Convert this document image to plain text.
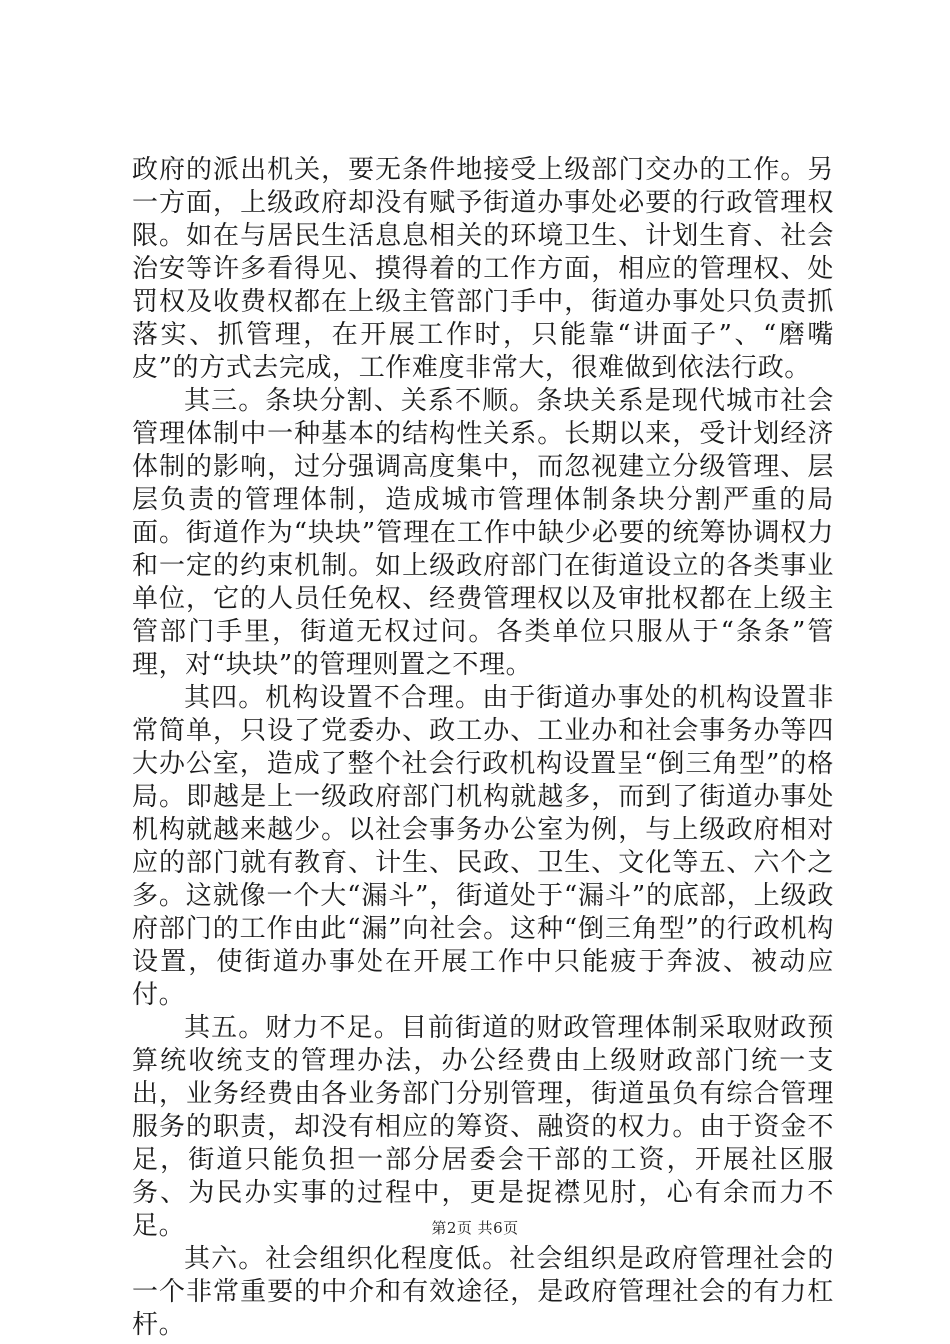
政府的派出机关，要无条件地接受上级部门交办的工作。另一方面，上级政府却没有赋予街道办事处必要的行政管理权限。如在与居民生活息息相关的环境卫生、计划生育、社会治安等许多看得见、摸得着的工作方面，相应的管理权、处罚权及收费权都在上级主管部门手中，街道办事处只负责抓落实、抓管理，在开展工作时，只能靠“讲面子”、“磨嘴皮”的方式去完成，工作难度非常大，很难做到依法行政。

其三。条块分割、关系不顺。条块关系是现代城市社会管理体制中一种基本的结构性关系。长期以来，受计划经济体制的影响，过分强调高度集中，而忽视建立分级管理、层层负责的管理体制，造成城市管理体制条块分割严重的局面。街道作为“块块”管理在工作中缺少必要的统筹协调权力和一定的约束机制。如上级政府部门在街道设立的各类事业单位，它的人员任免权、经费管理权以及审批权都在上级主管部门手里，街道无权过问。各类单位只服从于“条条”管理，对“块块”的管理则置之不理。

其四。机构设置不合理。由于街道办事处的机构设置非常简单，只设了党委办、政工办、工业办和社会事务办等四大办公室，造成了整个社会行政机构设置呈“倒三角型”的格局。即越是上一级政府部门机构就越多，而到了街道办事处机构就越来越少。以社会事务办公室为例，与上级政府相对应的部门就有教育、计生、民政、卫生、文化等五、六个之多。这就像一个大“漏斗”，街道处于“漏斗”的底部，上级政府部门的工作由此“漏”向社会。这种“倒三角型”的行政机构设置，使街道办事处在开展工作中只能疲于奔波、被动应付。

其五。财力不足。目前街道的财政管理体制采取财政预算统收统支的管理办法，办公经费由上级财政部门统一支出，业务经费由各业务部门分别管理，街道虽负有综合管理服务的职责，却没有相应的筹资、融资的权力。由于资金不足，街道只能负担一部分居委会干部的工资，开展社区服务、为民办实事的过程中，更是捉襟见肘，心有余而力不足。

其六。社会组织化程度低。社会组织是政府管理社会的一个非常重要的中介和有效途径，是政府管理社会的有力杠杆。

第2页 共6页
